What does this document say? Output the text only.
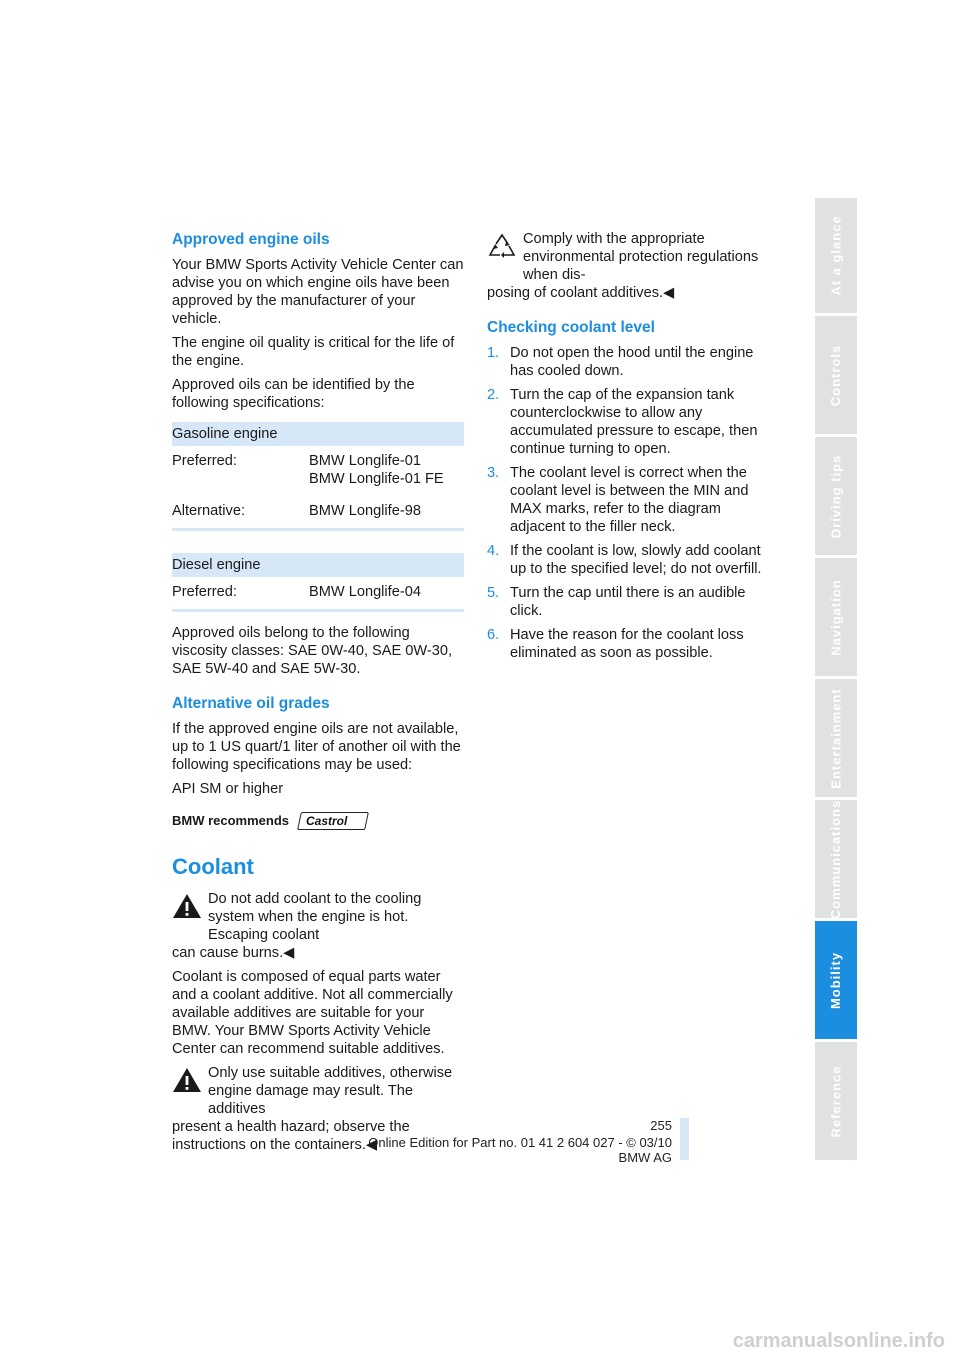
Approved engine oils

Your BMW Sports Activity Vehicle Center can advise you on which engine oils have been approved by the manufacturer of your vehicle.

The engine oil quality is critical for the life of the engine.

Approved oils can be identified by the following specifications:

Gasoline engine
Preferred:	BMW Longlife-01
BMW Longlife-01 FE
Alternative:	BMW Longlife-98
Diesel engine
Preferred:	BMW Longlife-04

Approved oils belong to the following viscosity classes: SAE 0W-40, SAE 0W-30, SAE 5W-40 and SAE 5W-30.

Alternative oil grades

If the approved engine oils are not available, up to 1 US quart/1 liter of another oil with the following specifications may be used:

API SM or higher

BMW recommends Castrol
Coolant
Do not add coolant to the cooling system when the engine is hot. Escaping coolant
can cause burns.◀

Coolant is composed of equal parts water and a coolant additive. Not all commercially available additives are suitable for your BMW. Your BMW Sports Activity Vehicle Center can recommend suitable additives.

Only use suitable additives, otherwise engine damage may result. The additives
present a health hazard; observe the instructions on the containers.◀
Comply with the appropriate environmental protection regulations when dis-
posing of coolant additives.◀
Checking coolant level
1. Do not open the hood until the engine has cooled down.
2. Turn the cap of the expansion tank counterclockwise to allow any accumulated pressure to escape, then continue turning to open.
3. The coolant level is correct when the coolant level is between the MIN and MAX marks, refer to the diagram adjacent to the filler neck.
4. If the coolant is low, slowly add coolant up to the specified level; do not overfill.
5. Turn the cap until there is an audible click.
6. Have the reason for the coolant loss eliminated as soon as possible.
At a glance
Controls
Driving tips
Navigation
Entertainment
Communications
Mobility
Reference
255
Online Edition for Part no. 01 41 2 604 027 - © 03/10 BMW AG
carmanualsonline.info
